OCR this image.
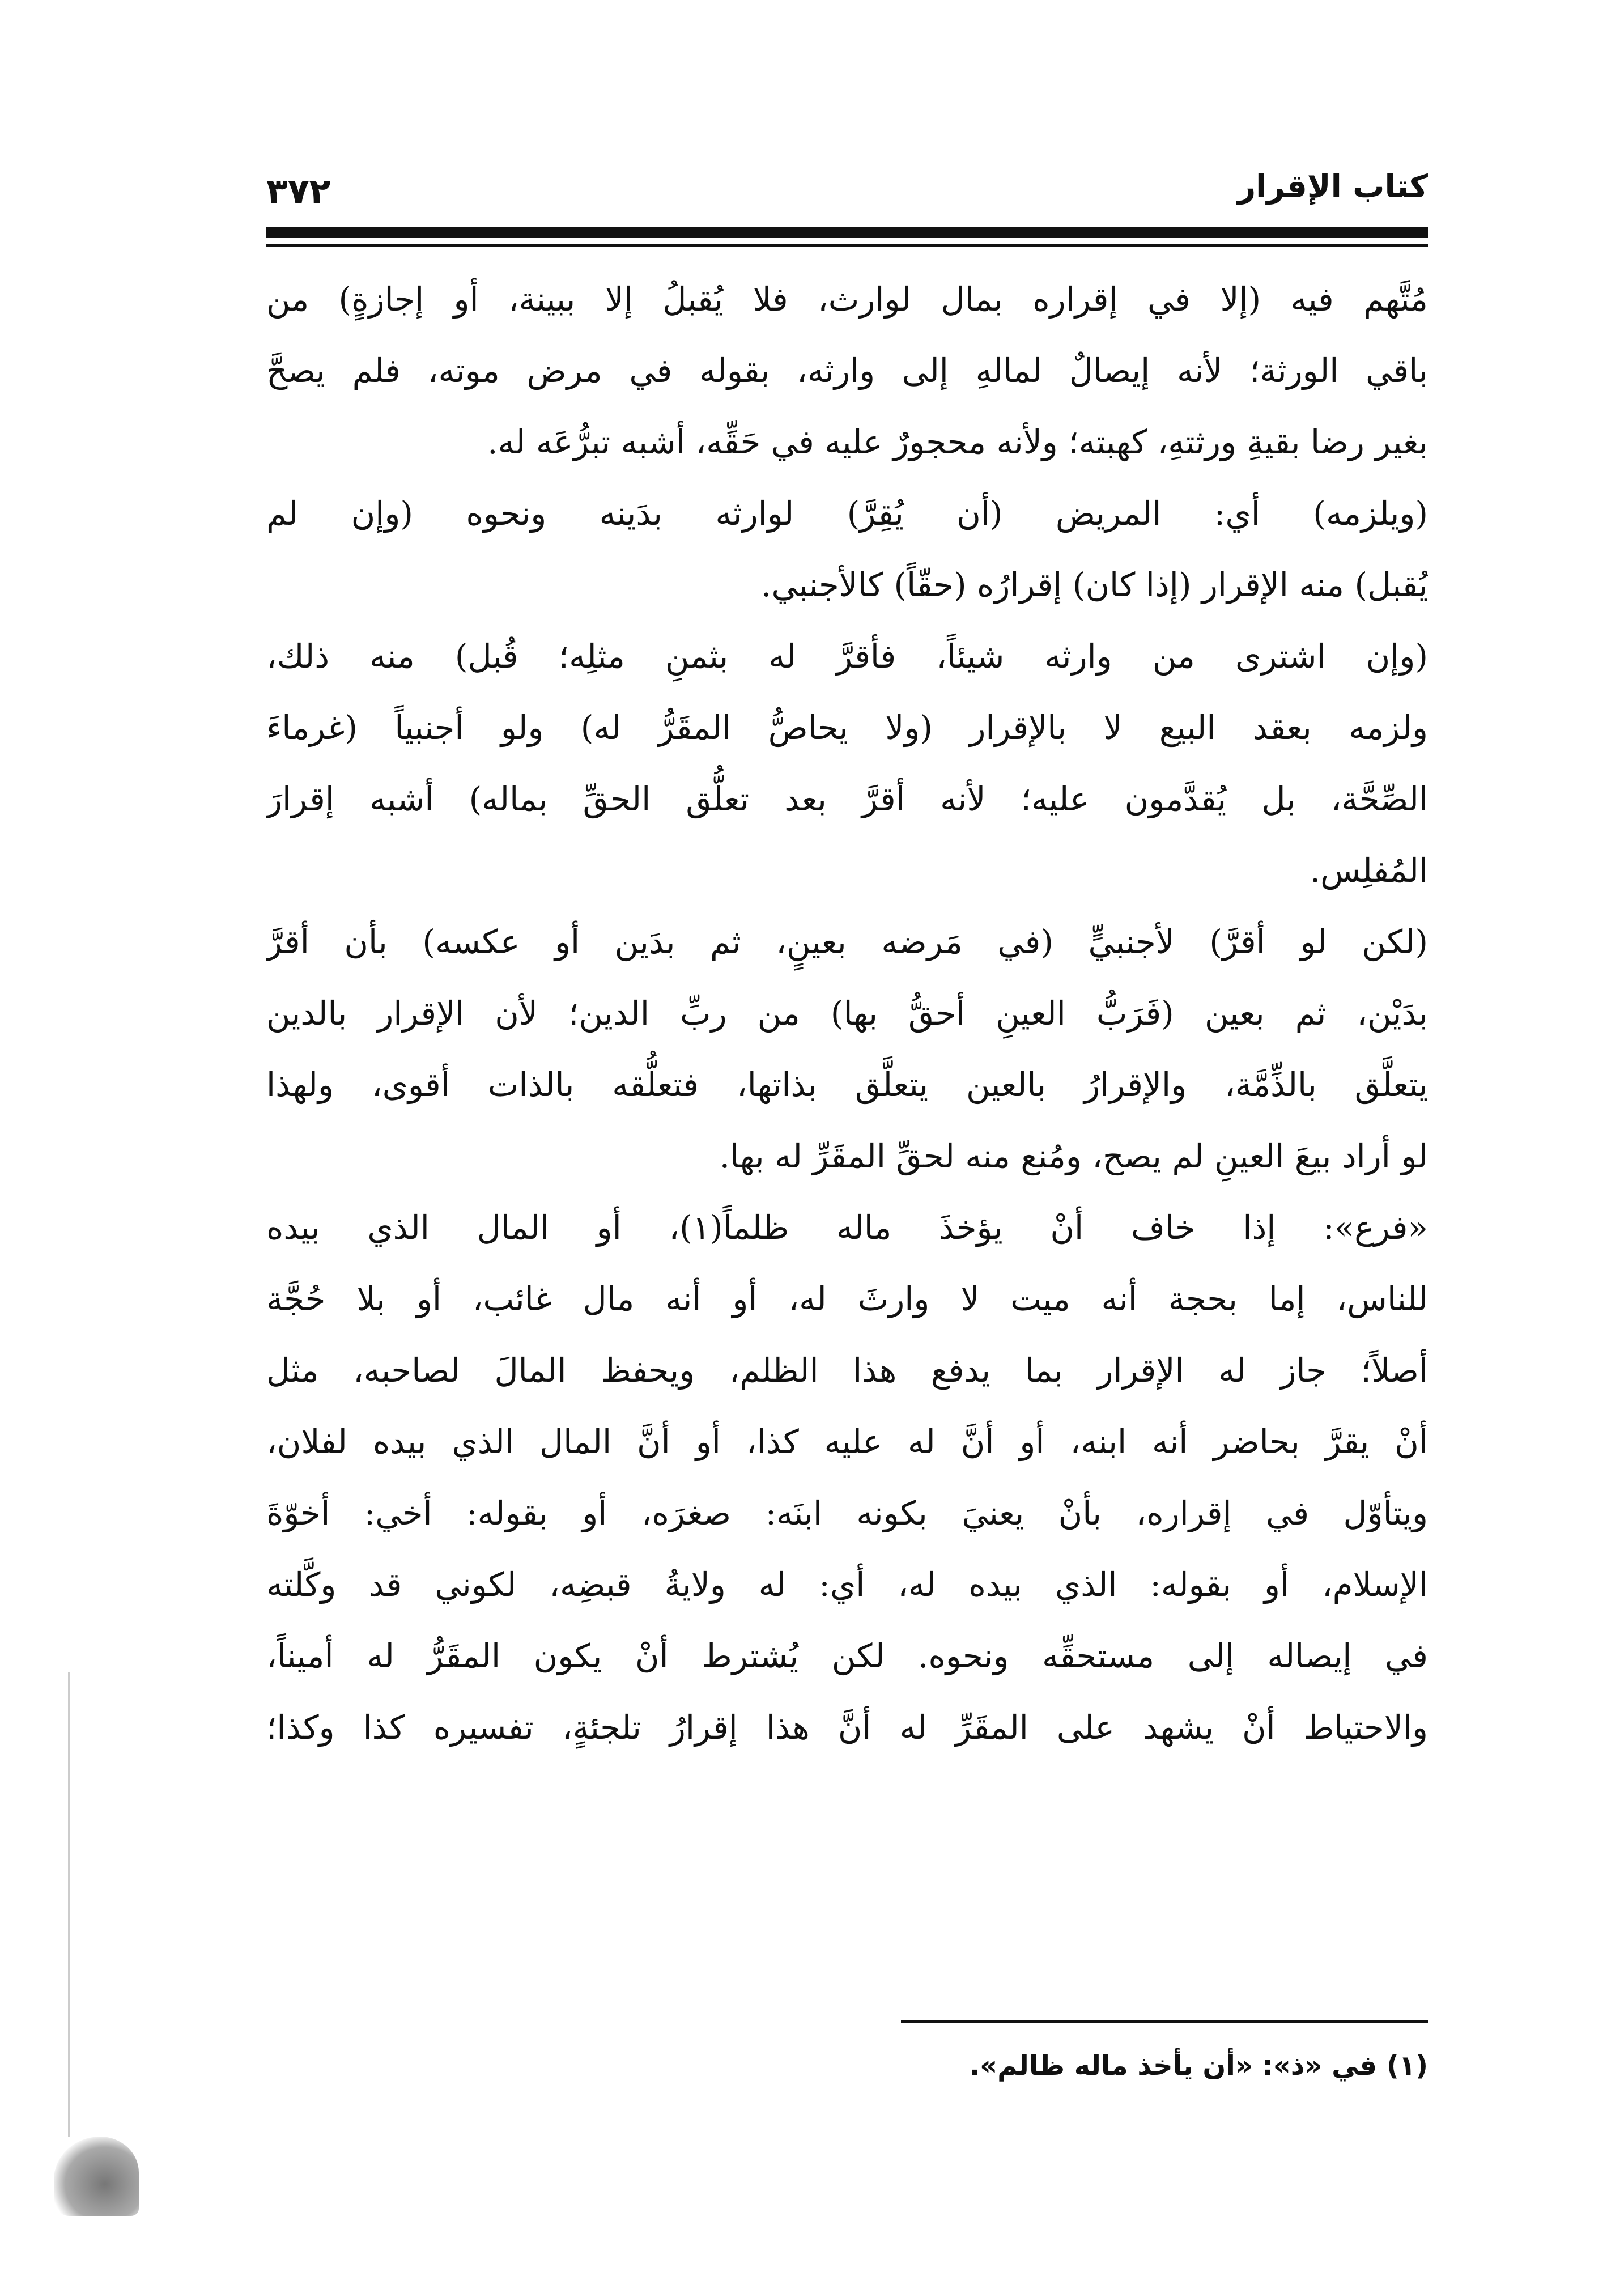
كتاب الإقرار
٣٧٢
مُتَّهم فيه (إلا في إقراره بمال لوارث، فلا يُقبلُ إلا ببينة، أو إجازةٍ) من
باقي الورثة؛ لأنه إيصالٌ لمالهِ إلى وارثه، بقوله في مرض موته، فلم يصحَّ
بغير رضا بقيةِ ورثتهِ، كهبته؛ ولأنه محجورٌ عليه في حَقِّه، أشبه تبرُّعَه له.
(ويلزمه) أي: المريض (أن يُقِرَّ) لوارثه بدَينه ونحوه (وإن لم
يُقبل) منه الإقرار (إذا كان) إقرارُه (حقّاً) كالأجنبي.
(وإن اشترى من وارثه شيئاً، فأقرَّ له بثمنِ مثلِه؛ قُبل) منه ذلك،
ولزمه بعقد البيع لا بالإقرار (ولا يحاصُّ المقَرُّ له) ولو أجنبياً (غرماءَ
الصِّحَّة، بل يُقدَّمون عليه؛ لأنه أقرَّ بعد تعلُّق الحقِّ بماله) أشبه إقرارَ
المُفلِس.
(لكن لو أقرَّ) لأجنبيٍّ (في مَرضه بعينٍ، ثم بدَين أو عكسه) بأن أقرَّ
بدَيْن، ثم بعين (فَرَبُّ العينِ أحقُّ بها) من ربِّ الدين؛ لأن الإقرار بالدين
يتعلَّق بالذِّمَّة، والإقرارُ بالعين يتعلَّق بذاتها، فتعلُّقه بالذات أقوى، ولهذا
لو أراد بيعَ العينِ لم يصح، ومُنع منه لحقِّ المقَرِّ له بها.
«فرع»: إذا خاف أنْ يؤخذَ ماله ظلماً(١)، أو المال الذي بيده
للناس، إما بحجة أنه ميت لا وارثَ له، أو أنه مال غائب، أو بلا حُجَّة
أصلاً؛ جاز له الإقرار بما يدفع هذا الظلم، ويحفظ المالَ لصاحبه، مثل
أنْ يقرَّ بحاضر أنه ابنه، أو أنَّ له عليه كذا، أو أنَّ المال الذي بيده لفلان،
ويتأوّل في إقراره، بأنْ يعنيَ بكونه ابنَه: صغرَه، أو بقوله: أخي: أخوّةَ
الإسلام، أو بقوله: الذي بيده له، أي: له ولايةُ قبضِه، لكوني قد وكَّلته
في إيصاله إلى مستحقِّه ونحوه. لكن يُشترط أنْ يكون المقَرُّ له أميناً،
والاحتياط أنْ يشهد على المقَرِّ له أنَّ هذا إقرارُ تلجئةٍ، تفسيره كذا وكذا؛
(١) في «ذ»: «أن يأخذ ماله ظالم».
